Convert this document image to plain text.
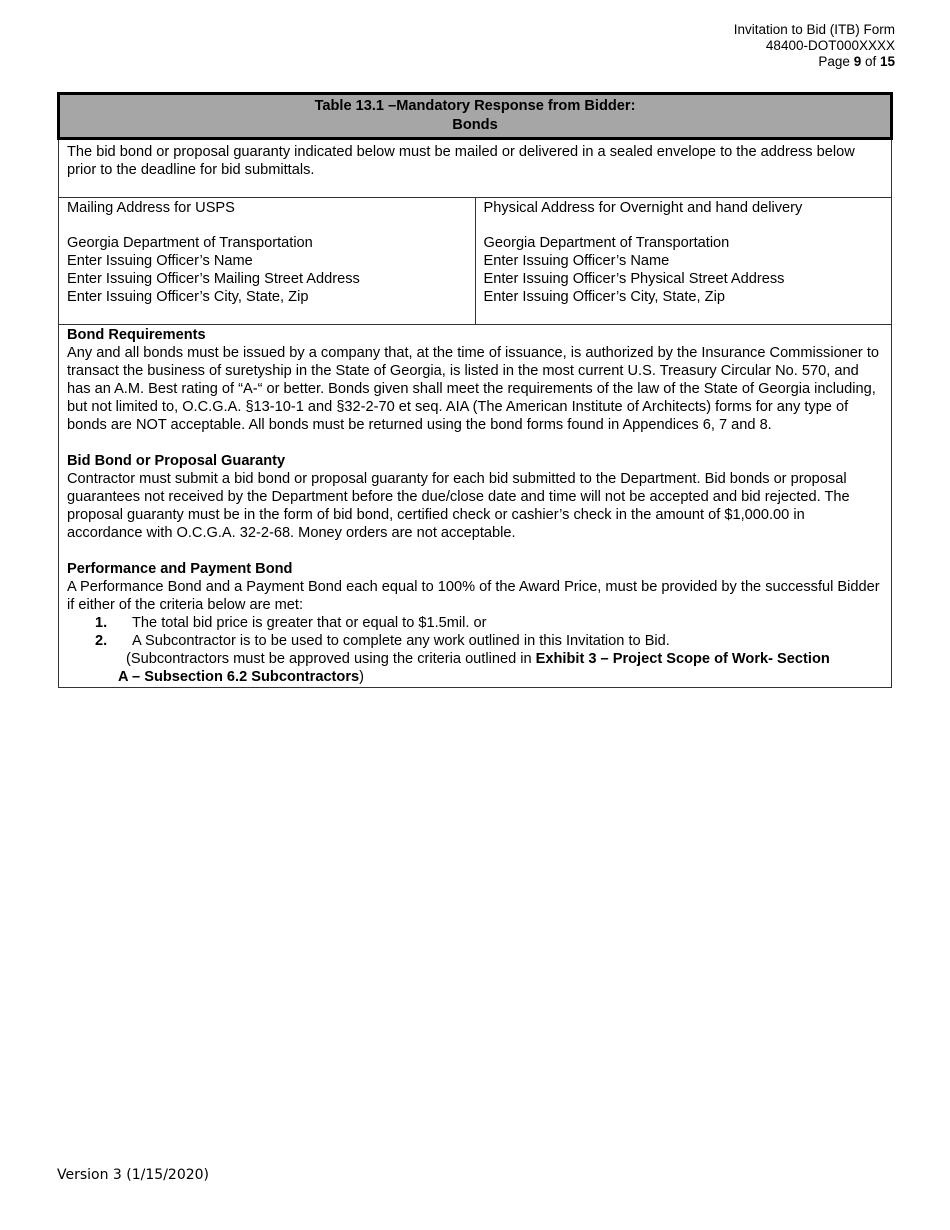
Invitation to Bid (ITB) Form
48400-DOT000XXXX
Page 9 of 15
Table 13.1 –Mandatory Response from Bidder:
Bonds

The bid bond or proposal guaranty indicated below must be mailed or delivered in a sealed envelope to the address below prior to the deadline for bid submittals.

Mailing Address for USPS
Georgia Department of Transportation
Enter Issuing Officer’s Name
Enter Issuing Officer’s Mailing Street Address
Enter Issuing Officer’s City, State, Zip

Physical Address for Overnight and hand delivery
Georgia Department of Transportation
Enter Issuing Officer’s Name
Enter Issuing Officer’s Physical Street Address
Enter Issuing Officer’s City, State, Zip

Bond Requirements
Any and all bonds must be issued by a company that, at the time of issuance, is authorized by the Insurance Commissioner to transact the business of suretyship in the State of Georgia, is listed in the most current U.S. Treasury Circular No. 570, and has an A.M. Best rating of “A-“ or better. Bonds given shall meet the requirements of the law of the State of Georgia including, but not limited to, O.C.G.A. §13-10-1 and §32-2-70 et seq. AIA (The American Institute of Architects) forms for any type of bonds are NOT acceptable. All bonds must be returned using the bond forms found in Appendices 6, 7 and 8.
Bid Bond or Proposal Guaranty
Contractor must submit a bid bond or proposal guaranty for each bid submitted to the Department. Bid bonds or proposal guarantees not received by the Department before the due/close date and time will not be accepted and bid rejected. The proposal guaranty must be in the form of bid bond, certified check or cashier’s check in the amount of $1,000.00 in accordance with O.C.G.A. 32-2-68. Money orders are not acceptable.
Performance and Payment Bond
A Performance Bond and a Payment Bond each equal to 100% of the Award Price, must be provided by the successful Bidder if either of the criteria below are met:
1. The total bid price is greater that or equal to $1.5mil. or
2. A Subcontractor is to be used to complete any work outlined in this Invitation to Bid.
(Subcontractors must be approved using the criteria outlined in Exhibit 3 – Project Scope of Work- Section
A – Subsection 6.2 Subcontractors)
Version 3 (1/15/2020)
